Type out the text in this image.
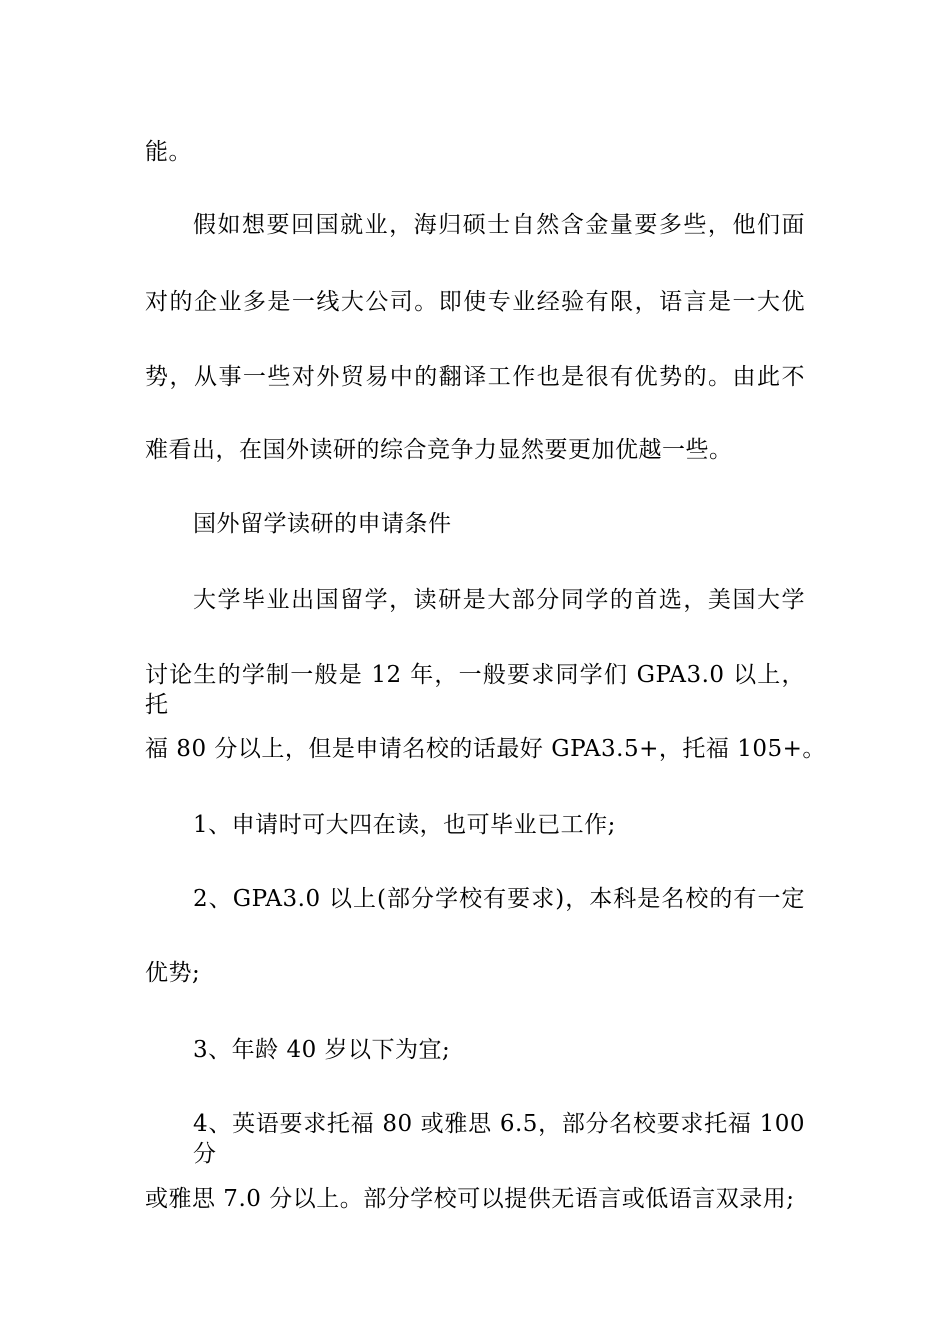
能。
假如想要回国就业，海归硕士自然含金量要多些，他们面
对的企业多是一线大公司。即使专业经验有限，语言是一大优
势，从事一些对外贸易中的翻译工作也是很有优势的。由此不
难看出，在国外读研的综合竞争力显然要更加优越一些。
国外留学读研的申请条件
大学毕业出国留学，读研是大部分同学的首选，美国大学
讨论生的学制一般是 12 年，一般要求同学们 GPA3.0 以上，托
福 80 分以上，但是申请名校的话最好 GPA3.5+，托福 105+。
1、申请时可大四在读，也可毕业已工作;
2、GPA3.0 以上(部分学校有要求)，本科是名校的有一定
优势;
3、年龄 40 岁以下为宜;
4、英语要求托福 80 或雅思 6.5，部分名校要求托福 100 分
或雅思 7.0 分以上。部分学校可以提供无语言或低语言双录用;
